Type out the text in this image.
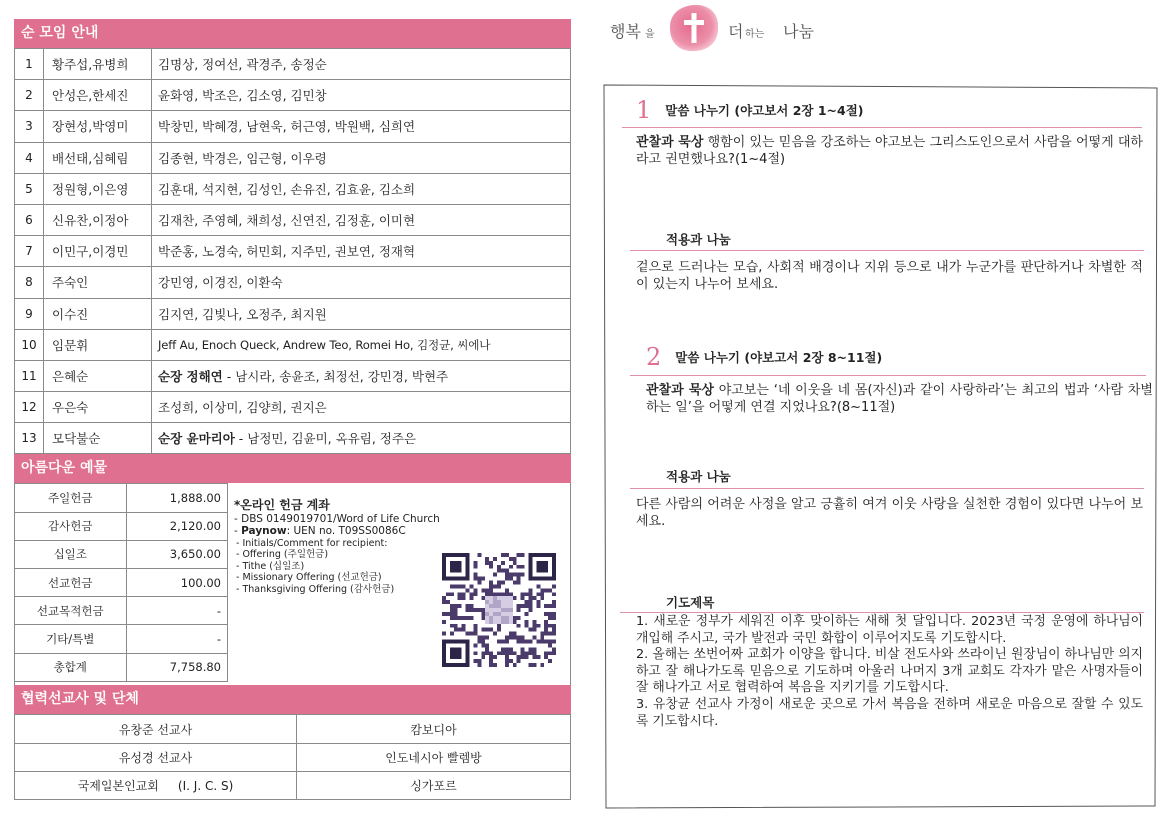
순 모임 안내
1	황주섭,유병희	김명상, 정여선, 곽경주, 송정순
2	안성은,한세진	윤화영, 박조은, 김소영, 김민창
3	장현성,박영미	박창민, 박혜경, 남현욱, 허근영, 박원백, 심희연
4	배선태,심혜림	김종현, 박경은, 임근형, 이우령
5	정원형,이은영	김훈대, 석지현, 김성인, 손유진, 김효윤, 김소희
6	신유찬,이정아	김재찬, 주영혜, 채희성, 신연진, 김정훈, 이미현
7	이민구,이경민	박준홍, 노경숙, 허민회, 지주민, 권보연, 정재혁
8	주숙인	강민영, 이경진, 이환숙
9	이수진	김지연, 김빛나, 오정주, 최지원
10	임문휘	Jeff Au, Enoch Queck, Andrew Teo, Romei Ho, 김정균, 씨에나
11	은혜순	순장 정해연 - 남시라, 송윤조, 최정선, 강민경, 박현주
12	우은숙	조성희, 이상미, 김양희, 권지은
13	모닥불순	순장 윤마리아 - 남정민, 김윤미, 옥유림, 정주은
아름다운 예물
주일헌금	1,888.00
감사헌금	2,120.00
십일조	3,650.00
선교헌금	100.00
선교목적헌금	-
기타/특별	-
총합계	7,758.80
*온라인 헌금 계좌
- DBS 0149019701/Word of Life Church
- Paynow: UEN no. T09SS0086C
- Initials/Comment for recipient:
- Offering (주일헌금)
- Tithe (십일조)
- Missionary Offering (선교헌금)
- Thanksgiving Offering (감사헌금)
협력선교사 및 단체
유창준 선교사	캄보디아
유성경 선교사	인도네시아 빨렘방
국제일본인교회     (I. J. C. S)	싱가포르
행복 을	더 하는 나눔
1 말씀 나누기 (야고보서 2장 1~4절)
관찰과 묵상 행함이 있는 믿음을 강조하는 야고보는 그리스도인으로서 사람을 어떻게 대하라고 권면했나요?(1~4절)
적용과 나눔
겉으로 드러나는 모습, 사회적 배경이나 지위 등으로 내가 누군가를 판단하거나 차별한 적이 있는지 나누어 보세요.
2 말씀 나누기 (야보고서 2장 8~11절)
관찰과 묵상 야고보는 ‘네 이웃을 네 몸(자신)과 같이 사랑하라’는 최고의 법과 ‘사람 차별하는 일’을 어떻게 연결 지었나요?(8~11절)
적용과 나눔
다른 사람의 어려운 사정을 알고 긍휼히 여겨 이웃 사랑을 실천한 경험이 있다면 나누어 보세요.
기도제목
1. 새로운 정부가 세워진 이후 맞이하는 새해 첫 달입니다. 2023년 국정 운영에 하나님이 개입해 주시고, 국가 발전과 국민 화합이 이루어지도록 기도합시다.
2. 올해는 쏘번어짜 교회가 이양을 합니다. 비살 전도사와 쓰라이닌 원장님이 하나님만 의지하고 잘 해나가도록 믿음으로 기도하며 아울러 나머지 3개 교회도 각자가 맡은 사명자들이 잘 해나가고 서로 협력하여 복음을 지키기를 기도합시다.
3. 유창균 선교사 가정이 새로운 곳으로 가서 복음을 전하며 새로운 마음으로 잘할 수 있도록 기도합시다.
